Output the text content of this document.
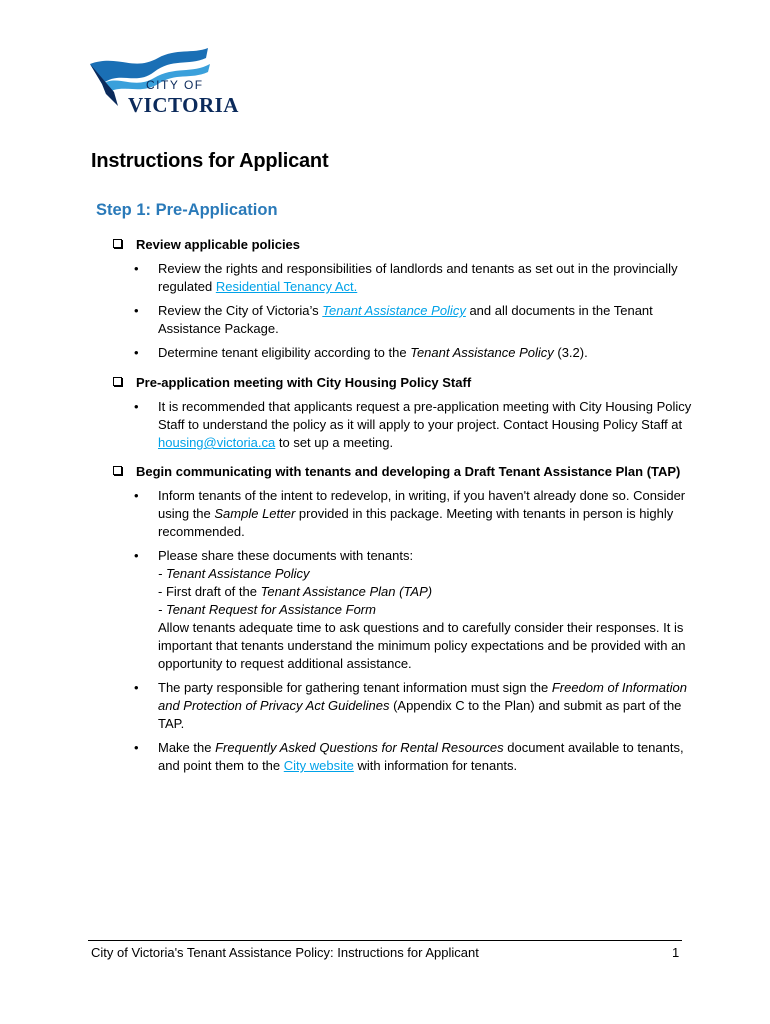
CITY OF
VICTORIA
Instructions for Applicant
Step 1: Pre-Application
Review applicable policies
• Review the rights and responsibilities of landlords and tenants as set out in the provincially regulated Residential Tenancy Act.
• Review the City of Victoria’s Tenant Assistance Policy and all documents in the Tenant Assistance Package.
• Determine tenant eligibility according to the Tenant Assistance Policy (3.2).
Pre-application meeting with City Housing Policy Staff
• It is recommended that applicants request a pre-application meeting with City Housing Policy Staff to understand the policy as it will apply to your project. Contact Housing Policy Staff at housing@victoria.ca to set up a meeting.
Begin communicating with tenants and developing a Draft Tenant Assistance Plan (TAP)
• Inform tenants of the intent to redevelop, in writing, if you haven't already done so. Consider using the Sample Letter provided in this package. Meeting with tenants in person is highly recommended.
• Please share these documents with tenants:
- Tenant Assistance Policy
- First draft of the Tenant Assistance Plan (TAP)
- Tenant Request for Assistance Form
Allow tenants adequate time to ask questions and to carefully consider their responses. It is important that tenants understand the minimum policy expectations and be provided with an opportunity to request additional assistance.
• The party responsible for gathering tenant information must sign the Freedom of Information and Protection of Privacy Act Guidelines (Appendix C to the Plan) and submit as part of the TAP.
• Make the Frequently Asked Questions for Rental Resources document available to tenants, and point them to the City website with information for tenants.
City of Victoria's Tenant Assistance Policy: Instructions for Applicant	1
